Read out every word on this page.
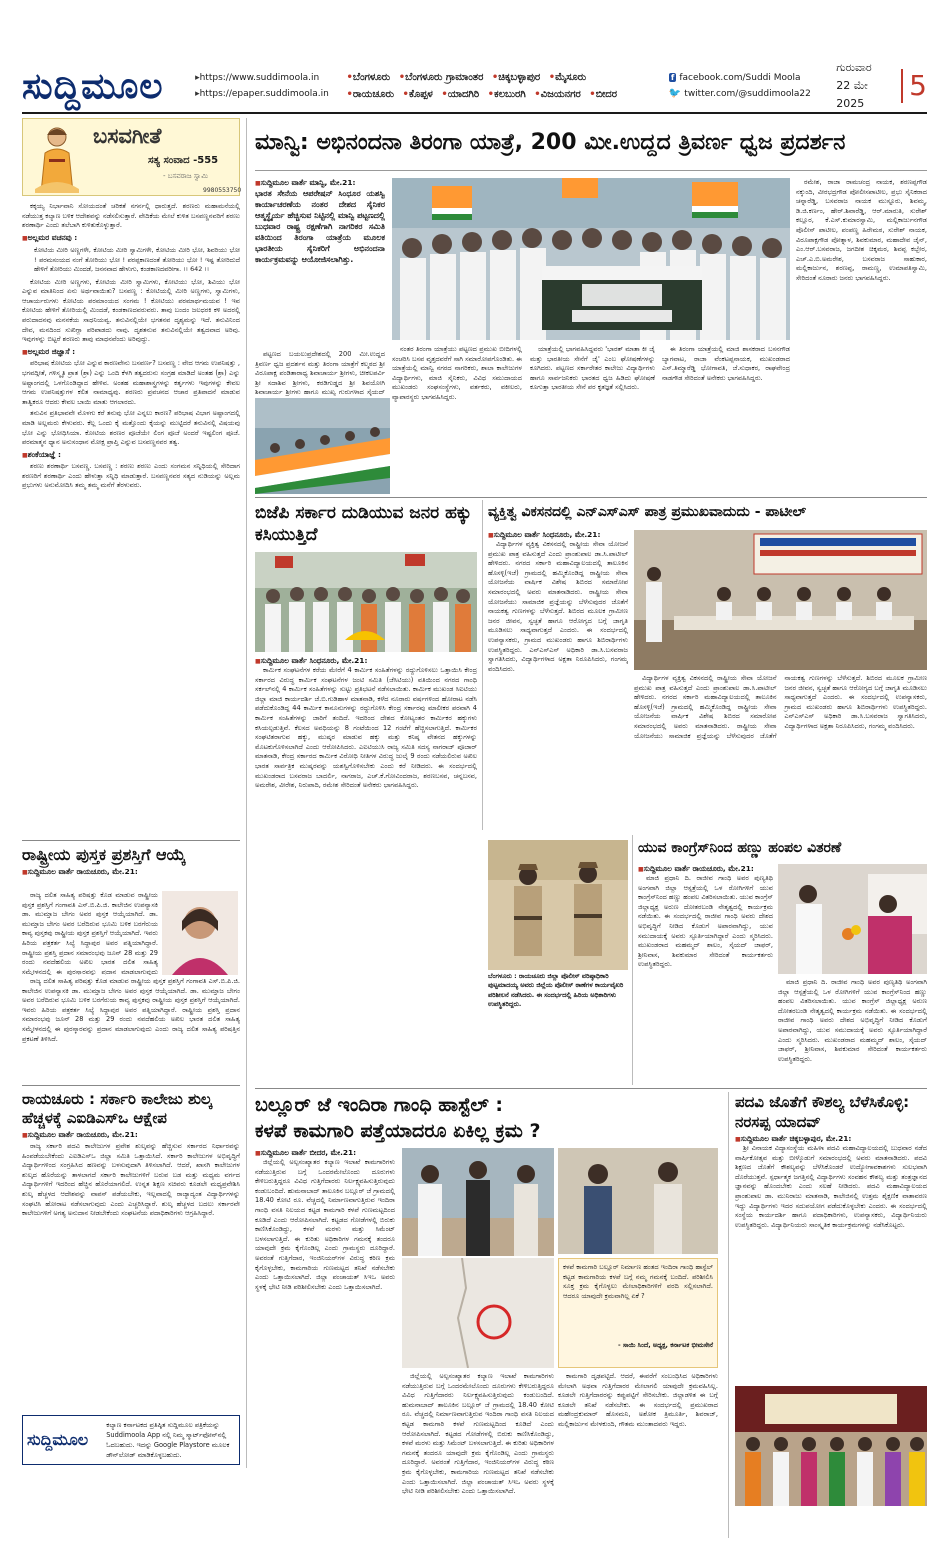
ಸುದ್ದಿಮೂಲ	▸ https://www.suddimoola.in
▸ https://epaper.suddimoola.in
• ಬೆಂಗಳೂರು • ಬೆಂಗಳೂರು ಗ್ರಾಮಾಂತರ • ಚಿಕ್ಕಬಳ್ಳಾಪುರ • ಮೈಸೂರು
• ರಾಯಚೂರು • ಕೊಪ್ಪಳ • ಯಾದಗಿರಿ • ಕಲಬುರಗಿ • ವಿಜಯನಗರ • ಬೀದರ
f facebook.com/Suddi Moola
🐦 twitter.com/@suddimoola22
ಗುರುವಾರ
22 ಮೇ 2025
5
ಬಸವಗೀತೆ
ಸತ್ಯ ಸಂವಾದ -555
- ಬಸವರಾಜ ಸ್ವಾಮಿ
9980553750

ಕಕ್ಕಯ್ಯ ನಿರ್ಭಾವಾನಿ ಸೋಯದಂತೆ ಚರಿಕತೆ ನಗರ್ನಲ್ಲಿ ಧಾರುತ್ತದೆ. ಶರಣರು ಮಹಾಮನೆಯಲ್ಲಿ ನಡೆಯುತ್ತ ಕಲ್ಯಾಣ ಬಳಿಕ ಆದೇಶವನ್ನು ನಡೆಸಲಿಸುತ್ತಾರೆ. ವೇದಿಕೆಯ ಮೇಲೆ ಕುಳಿತ ಬಸವಣ್ಣನವರಿಗೆ ಶರಣು ಶರಣಾರ್ಥಿ ಎಂದು ತಲೆಬಾಗಿ ಕುಳಿತುಕೊಳ್ಳುತ್ತಾರೆ.

■ ಅಲ್ಲಮರ ವಚನವು :
ಕೋಟಿಯ ಮೀರಿ ಅಣ್ಣಗಳೇ, ಕೋಟಿಯ ಮೀರಿ ಸ್ವಾಮಿಗಳೇ, ಕೋಟಿಯ ಮೀರಿ ಭೋ, ಶಿವರಿಯು ಭೋ ! ಪರಮಸಂಯದ ನಂಗೆ ತೋರಿಯು ಭೋ ! ಪರಪ್ಪಕಾಣದಂತೆ ತೋರಿಯು ಭೋ ! ಇಷ್ಟ ತೋರಿದುದೆ ಹೇಳಿಗೆ ತೋರಿಯು ಮಿಂದಡೆ, ಜನನವಾದ ಹೇಳುಗು, ಕಂಡಕಾಣದವರೀಗಾ. ।। 642 ।।

ಕೋಟಿಯ ಮೀರಿ ಅಣ್ಣಗಳು, ಕೋಟಿಯ ಮೀರಿ ಸ್ವಾಮಿಗಳು, ಕೋಟಿಯು ಭೋ, ಶಿವಿಯು ಭೋ ಎನ್ನುವ ಮಾತಿನಿಂದ ಏನು ಅರ್ಥವಾಯಿತು? ಬಸವಣ್ಣ : ಕೋಟಿಯಲ್ಲಿ ಮೀರಿ ಅಣ್ಣಗಳು, ಸ್ವಾಮಿಗಳು, ಆಚಾರ್ಯರುಗಳು ಕೋಟಿಯ ಪರಮಾಂಯದ ಸಂಗಮ ! ಕೋಟಿಯು ಪರಮಾರ್ಥಮಯವ ! ಇವ ಕೋಟಿಯ ಹೇಳಿಗೆ ತೋರಿಯಲ್ಲಿ ಮಿಂದಡೆ, ಕಂಡಕಾಣದವರುವರು. ತಾವು ಬಂದಂ ಜಲಧರಕಿ ಕಳಿ ಅದರಲ್ಲಿ ಪರುದಾದನವು ಮನನಕೆಯ ಸಾಧನಿಯವ್ವ. ತನುವಿನಲ್ಲಿಯೇ ಭಗತನವ ದೃಶ್ಯಮನ್ನು ಇದೆ. ತನುವಿನಿಂದ ದೇವ, ಮನದಿಂದ ಸುಖಿಗ್ಲಾ ಪರಿಪಾಡದು ನಾವು. ದೃಶತನುವ ತನುವಿನಲ್ಲಿಯೇ ತತ್ವದವಾದ ಅರಿವು. ಇವುಗಳನ್ನು ಬಿಟ್ಟರೆ ಶರಣರು ತಾವು ಮಾಧನವೆಂದು ಅರಿವುದ್ದು.

■ ಅಲ್ಲಮರ ಜಿಜ್ಞಾಸೆ :

ಪರಿಭಾಷ ಕೋಟಿಯ ಭೋ ಎನ್ನುವ ಕಾರಣವೇನು ಬಸವರ್ಣ? ಬಸವಣ್ಣ : ವೇದ ಆಗಮ ಉಪನಿಷತ್ತು , ಭಗವದ್ಗೀತೆ, ಗಳಿಸ್ಮೃತಿ ಪ್ರಾತ (ಶ್ರಾ) ಎನ್ನು ಒಂದಿ ಕೆಳಗಿ ತತ್ವದರುನು ಸಂಗ್ರಹ ಮಾಡಿದೆ ಅಂತಹ (ಶ್ರಾ) ಎನ್ನು ಅಷ್ಟಾಂಗದಲ್ಲಿ ಒಳಗೊಂಡಿದ್ದಾದ ಹೇಳಿವ. ಅಂತಹ ಮಹಾಶಾಸ್ತ್ರಗಳನ್ನು ಕರ್ತೃಗಳು ಇವುಗಳನ್ನು ಕೇವಲ ಆಗಮ ಉಪನಿಷತ್ತುಗಳ ಕಲಿತ ನಾಮಾಧ್ಯವು. ಶರಣರು ಪ್ರವಚನದ ಆಚಾರ ಪ್ರತಿಪಾದನೆ ಮಾಡುವ ತಾತ್ವಿಕರೂ ಆದರು ಕೇವಲ ಬಾಯಿ ಮಾತು ಆಗಲಾರದು.

ತನುವಿನ ಪ್ರತಿಭಾವವೇ ಮೊಳಗು ಕರೆ ತನುವು ಭೋ ಎನ್ನಲು ಕಾರಣ? ಪರಿಭಾಷ ವಿಭಾಗ ಅಷ್ಟಾಂಗದಲ್ಲಿ ಮಾಡಿ ಅಲ್ಲಮರು ಕೇಳುವರು. ಕೆಲ್ಲ ಒಂದು ಕೈ ಮತ್ತೊಂದು ಕೈಯನ್ನು ಮುಟ್ಟಿದರೆ ತನುವಿನಲ್ಲಿ ವಿಷಯವು ಭೋ ಎನ್ನು ಭೋಧಿಸಿಯಾ. ಕೋಟಿಯ ಶರಣರ ಪೂಜೆಯೇ ಲಿಂಗ ಪೂಜೆ ಅಂದರೆ ಇಷ್ಟಲಿಂಗ ಪೂಜೆ. ಪರಮಾತ್ಮನ ಧ್ಯಾನ ಅನುಸಂಧಾನ ಮೋಕ್ಷ ಪ್ರಾಪ್ತಿ ಎನ್ನುವ ಬಸವಣ್ಣನವರ ತತ್ವ.

■ ಶಂಕೆಯಾಜ್ಞೆ :

ಶರಣು ಶರಣಾರ್ಥಿ ಬಸವಣ್ಣ. ಬಸವಣ್ಣ : ಶರಣು ಶರಣು ಎಂದು ಸಂಗಮನ ಸನ್ನಿಧಿಯಲ್ಲಿ ಸೇರಿದಾಗ ಶರಣರಿಗೆ ಶರಣಾರ್ಥಿ ಎಂದು ಹೇಳುತ್ತಾ ಸನ್ನಿಧಿ ಮಾಡುತ್ತಾರೆ. ಬಸವಣ್ಣನವರ ಸತ್ಯದ ನುಡಿಯನ್ನು ಅಲ್ಲಮ ಪ್ರಭುಗಳು ಅನುಮೋದಿಸಿ ತಮ್ಮ ತಮ್ಮ ಮನೆಗೆ ತೆರಳುವರು.

ರಾಷ್ಟ್ರೀಯ ಪುಸ್ತಕ ಪ್ರಶಸ್ತಿಗೆ ಆಯ್ಕೆ
■ ಸುದ್ದಿಮೂಲ ವಾರ್ತೆ ರಾಯಚೂರು, ಮೇ.21:

ರಾಜ್ಯ ದಲಿತ ಸಾಹಿತ್ಯ ಪರಿಷತ್ತು ಕೊಡ ಮಾಡುವ ರಾಷ್ಟ್ರೀಯ ಪುಸ್ತಕ ಪ್ರಶಸ್ತಿಗೆ ಗಂಗಾವತಿ ಎಸ್.ಬಿ.ಪಿ.ಜಿ. ಕಾಲೇಜಿನ ಉಪನ್ಯಾಸಕಿ ಡಾ. ಮುಮ್ತಾಜ ಬೇಗಂ ಅವರ ಪುಸ್ತಕ ಆಯ್ಕೆಯಾಗಿದೆ. ಡಾ. ಮುಮ್ತಾಜ ಬೇಗಂ ಅವರ ಬರೆದಿರುವ ಭೂಮಿ ಬಳಿಕ ಬರಗೆರುಯ ಕಾವ್ಯ ಪುಸ್ತಕವು ರಾಷ್ಟ್ರೀಯ ಪುಸ್ತಕ ಪ್ರಶಸ್ತಿಗೆ ಆಯ್ಕೆಯಾಗಿದೆ. ಇವರು ಹಿರಿಯ ಪತ್ರಕರ್ತ ಸಿಲ್ಯೆ ಸಿದ್ದಾಪುರ ಅವರ ಪತ್ನಿಯಾಗಿದ್ದಾರೆ. ರಾಷ್ಟ್ರೀಯ ಪ್ರಶಸ್ತಿ ಪ್ರದಾನ ಸಮಾರಂಭವು ಜೂನ್ 28 ಮತ್ತು 29 ರಂದು ನವದೆಹಲಿಯ ಅಖಿಲ ಭಾರತ ದಲಿತ ಸಾಹಿತ್ಯ ಸಮ್ಮೇಳನದಲ್ಲಿ ಈ ಪುರಸ್ಕಾರವನ್ನು ಪ್ರದಾನ ಮಾಡಲಾಗುವುದು

ರಾಜ್ಯ ದಲಿತ ಸಾಹಿತ್ಯ ಪರಿಷತ್ತು ಕೊಡ ಮಾಡುವ ರಾಷ್ಟ್ರೀಯ ಪುಸ್ತಕ ಪ್ರಶಸ್ತಿಗೆ ಗಂಗಾವತಿ ಎಸ್.ಬಿ.ಪಿ.ಜಿ. ಕಾಲೇಜಿನ ಉಪನ್ಯಾಸಕಿ ಡಾ. ಮುಮ್ತಾಜ ಬೇಗಂ ಅವರ ಪುಸ್ತಕ ಆಯ್ಕೆಯಾಗಿದೆ. ಡಾ. ಮುಮ್ತಾಜ ಬೇಗಂ ಅವರ ಬರೆದಿರುವ ಭೂಮಿ ಬಳಿಕ ಬರಗೆರುಯ ಕಾವ್ಯ ಪುಸ್ತಕವು ರಾಷ್ಟ್ರೀಯ ಪುಸ್ತಕ ಪ್ರಶಸ್ತಿಗೆ ಆಯ್ಕೆಯಾಗಿದೆ. ಇವರು ಹಿರಿಯ ಪತ್ರಕರ್ತ ಸಿಲ್ಯೆ ಸಿದ್ದಾಪುರ ಅವರ ಪತ್ನಿಯಾಗಿದ್ದಾರೆ. ರಾಷ್ಟ್ರೀಯ ಪ್ರಶಸ್ತಿ ಪ್ರದಾನ ಸಮಾರಂಭವು ಜೂನ್ 28 ಮತ್ತು 29 ರಂದು ನವದೆಹಲಿಯ ಅಖಿಲ ಭಾರತ ದಲಿತ ಸಾಹಿತ್ಯ ಸಮ್ಮೇಳನದಲ್ಲಿ ಈ ಪುರಸ್ಕಾರವನ್ನು ಪ್ರದಾನ ಮಾಡಲಾಗುವುದು ಎಂದು ರಾಜ್ಯ ದಲಿತ ಸಾಹಿತ್ಯ ಪರಿಷತ್ತಿನ ಪ್ರಕಟಣೆ ತಿಳಿಸಿದೆ.

ರಾಯಚೂರು : ಸರ್ಕಾರಿ ಕಾಲೇಜು ಶುಲ್ಕ ಹೆಚ್ಚಳಕ್ಕೆ ಎಐಡಿಎಸ್ಒ ಆಕ್ಷೇಪ
■ ಸುದ್ದಿಮೂಲ ವಾರ್ತೆ ರಾಯಚೂರು, ಮೇ.21:

ರಾಜ್ಯ ಸರ್ಕಾರಿ ಪದವಿ ಕಾಲೇಜುಗಳ ಪ್ರವೇಶ ಶುಲ್ಕವನ್ನು ಹೆಚ್ಚಿಸುವ ಸರ್ಕಾರದ ನಿರ್ಧಾರವನ್ನು ಹಿಂಪಡೆಯಬೇಕೆಂದು ಎಐಡಿಎಸ್ಒ ಜಿಲ್ಲಾ ಸಮಿತಿ ಒತ್ತಾಯಿಸಿದೆ. ಸರ್ಕಾರಿ ಕಾಲೇಜುಗಳ ಅಭಿವೃದ್ಧಿಗೆ ವಿದ್ಯಾರ್ಥಿಗಳಿಂದ ಸಂಗ್ರಹಿಸಿದ ಹಣವನ್ನು ಬಳಸುವುದಾಗಿ ತಿಳಿಸಲಾಗಿದೆ. ಆದರೆ, ಖಾಸಗಿ ಕಾಲೇಜುಗಳ ಶುಲ್ಕದ ಹೊರೆಯನ್ನು ತಾಳಲಾಗದೆ ಸರ್ಕಾರಿ ಕಾಲೇಜುಗಳಿಗೆ ಬರುವ ಬಡ ಮತ್ತು ಮಧ್ಯಮ ವರ್ಗದ ವಿದ್ಯಾರ್ಥಿಗಳಿಗೆ ಇದರಿಂದ ಹೆಚ್ಚಿನ ಹೊರೆಯಾಗಲಿದೆ. ಉನ್ನತ ಶಿಕ್ಷಣ ಸಚಿವರು ಕೂಡಲೇ ಮಧ್ಯಪ್ರವೇಶಿಸಿ ಶುಲ್ಕ ಹೆಚ್ಚಳದ ಆದೇಶವನ್ನು ವಾಪಸ್ ಪಡೆಯಬೇಕು, ಇಲ್ಲವಾದಲ್ಲಿ ರಾಜ್ಯಾದ್ಯಂತ ವಿದ್ಯಾರ್ಥಿಗಳನ್ನು ಸಂಘಟಿಸಿ ಹೋರಾಟ ನಡೆಸಲಾಗುವುದು ಎಂದು ಎಚ್ಚರಿಸಿದ್ದಾರೆ. ಶುಲ್ಕ ಹೆಚ್ಚಳದ ಬದಲು ಸರ್ಕಾರವೇ ಕಾಲೇಜುಗಳಿಗೆ ಅಗತ್ಯ ಅನುದಾನ ನೀಡಬೇಕೆಂದು ಸಂಘಟನೆಯ ಪದಾಧಿಕಾರಿಗಳು ಆಗ್ರಹಿಸಿದ್ದಾರೆ.

ಸುದ್ದಿಮೂಲ
ಕಲ್ಯಾಣ ಕರ್ನಾಟಕದ ಪ್ರತಿಷ್ಠಿತ ಸುದ್ದಿಮೂಲ ಪತ್ರಿಕೆಯನ್ನು Suddimoola App ನಲ್ಲಿ ನಿಮ್ಮ ಸ್ಮಾರ್ಟ್‌ಫೋನ್‌ನಲ್ಲಿ ಓದಬಹುದು. ಇದನ್ನು Google Playstore ಮೂಲಕ ಡೌನ್‌ಲೋಡ್ ಮಾಡಿಕೊಳ್ಳಬಹುದು.
ಮಾನ್ವಿ: ಅಭಿನಂದನಾ ತಿರಂಗಾ ಯಾತ್ರೆ, 200 ಮೀ.ಉದ್ದದ ತ್ರಿವರ್ಣ ಧ್ವಜ ಪ್ರದರ್ಶನ
■ ಸುದ್ದಿಮೂಲ ವಾರ್ತೆ ಮಾನ್ವಿ, ಮೇ.21:
ಭಾರತ ಸೇನೆಯ ಆಪರೇಷನ್ ಸಿಂಧೂರ ಯಶಸ್ವಿ ಕಾರ್ಯಾಚರಣೆಯ ನಂತರ ದೇಶದ ಸೈನಿಕರ ಆತ್ಮಸ್ಥೈರ್ಯ ಹೆಚ್ಚಿಸುವ ನಿಟ್ಟಿನಲ್ಲಿ ಮಾನ್ವಿ ಪಟ್ಟಣದಲ್ಲಿ ಬುಧವಾರ ರಾಷ್ಟ್ರ ರಕ್ಷಣೆಗಾಗಿ ನಾಗರಿಕರ ಸಮಿತಿ ವತಿಯಿಂದ ತಿರಂಗಾ ಯಾತ್ರೆಯ ಮೂಲಕ ಭಾರತೀಯ ಸೈನಿಕರಿಗೆ ಅಭಿನಂದನಾ ಕಾರ್ಯಕ್ರಮವನ್ನು ಆಯೋಜಿಸಲಾಗಿತ್ತು.

ಪಟ್ಟಣದ ಬಯಲುಪ್ರದೇಶದಲ್ಲಿ 200 ಮೀ.ಉದ್ದದ ತ್ರಿವರ್ಣ ಧ್ವಜ ಪ್ರದರ್ಶನ ಮತ್ತು ತಿರಂಗಾ ಯಾತ್ರೆಗೆ ಕಲ್ಮಠದ ಶ್ರೀ ವಿರೂಪಾಕ್ಷ ಪಂಡಿತಾರಾಧ್ಯ ಶಿವಾಚಾರ್ಯ ಶ್ರೀಗಳು, ಚೀಕಲಪರ್ವಿ ಶ್ರೀ ಸದಾಶಿವ ಶ್ರೀಗಳು, ಕರಡಿಗುಡ್ಡದ ಶ್ರೀ ಶಿವಯೋಗಿ ಶಿವಾಚಾರ್ಯ ಶ್ರೀಗಳು ಹಾಗೂ ಮುಖ್ಯ ಗುರುಗಳಾದ ಸೈಯದ್

ನಂತರ ತಿರಂಗಾ ಯಾತ್ರೆಯು ಪಟ್ಟಣದ ಪ್ರಮುಖ ಬೀದಿಗಳಲ್ಲಿ ಸಂಚರಿಸಿ ಬಸವ ವೃತ್ತದವರೆಗೆ ಸಾಗಿ ಸಮಾರೋಪಗೊಂಡಿತು. ಈ ಯಾತ್ರೆಯಲ್ಲಿ ಮಾನ್ವಿ ನಗರದ ನಾಗರಿಕರು, ಶಾಲಾ ಕಾಲೇಜುಗಳ ವಿದ್ಯಾರ್ಥಿಗಳು, ಮಾಜಿ ಸೈನಿಕರು, ವಿವಿಧ ಸಮುದಾಯದ ಮುಖಂಡರು ಸಂಘಸಂಸ್ಥೆಗಳು, ವರ್ತಕರು, ವಕೀಲರು, ವ್ಯಾಪಾರಸ್ಥರು ಭಾಗವಹಿಸಿದ್ದರು.

ಯಾತ್ರೆಯಲ್ಲಿ ಭಾಗವಹಿಸಿದ್ದವರು 'ಭಾರತ್ ಮಾತಾ ಕೀ ಜೈ ಮತ್ತು ಭಾರತೀಯ ಸೇನೆಗೆ ಜೈ' ಎಂಬ ಘೋಷಣೆಗಳನ್ನು ಕೂಗಿದರು. ಪಟ್ಟಣದ ಸರ್ಕಾರೇತರ ಕಾಲೇಜು ವಿದ್ಯಾರ್ಥಿಗಳು ಹಾಗೂ ಸಾರ್ವಜನಿಕರು ಭಾರತದ ಧ್ವಜ ಹಿಡಿದು ಘೋಷಣೆ ಕೂಗುತ್ತಾ ಭಾರತೀಯ ಸೇನೆ ಪರ ಕೃತಜ್ಞತೆ ಸಲ್ಲಿಸಿದರು.

ಈ ತಿರಂಗಾ ಯಾತ್ರೆಯಲ್ಲಿ ಮಾಜಿ ಶಾಸಕರಾದ ಬಸನಗೌಡ ಬ್ಯಾಗವಾಟ, ರಾಜಾ ವೆಂಕಟಪ್ಪನಾಯಕ, ಮುಖಂಡರಾದ ಎಸ್.ತಿಮ್ಮಾರೆಡ್ಡಿ ಭೋಗಾವತಿ, ಜೆ.ಸುಧಾಕರ, ರಾಘವೇಂದ್ರ ನಾಡಗೌಡ ಸೇರಿದಂತೆ ಅನೇಕರು ಭಾಗವಹಿಸಿದ್ದರು.

ರಮೇಶ, ರಾಜಾ ರಾಮಚಂದ್ರ ನಾಯಕ, ಶರಣಪ್ಪಗೌಡ ನಕ್ಕುಂದಿ, ವೀರಭದ್ರಗೌಡ ಪೋಲೀಸಪಾಟೀಲ, ಪ್ರಭು ಸೈನಿಕರಾದ ಚನ್ನಾರೆಡ್ಡಿ, ಬಸವರಾಜ ನಾಯಕ ಮುಸ್ಟೂರು, ಶಿವಮ್ಮ, ಡಿ.ಜಿ.ಕರ್ಣಂ, ಹೇರ್.ಶಿವಾರೆಡ್ಡಿ, ಆರ್.ಮಾರುತಿ, ಸುರೇಶ್ ಕಲ್ಲೂರ, ಕೆ.ಎಸ್.ಕುಮಾರಸ್ವಾಮಿ, ಮಲ್ಲಿಕಾರ್ಜುನಗೌಡ ಪೊಲೀಸ್ ಪಾಟೀಲ, ಪಂಪಣ್ಣ ಹಿರೇಮಠ, ಸುರೇಶ್ ನಾಯಕ, ವಿರೂಪಾಕ್ಷಗೌಡ ಪೋತ್ನಾಳ, ಶಿವಕುಮಾರ, ಮಹಾದೇವ ಜೈನ್, ಎಂ.ಆರ್.ಬಸವರಾಜ, ಜಗದೀಶ ಚಿಕ್ಕಮಠ, ಶಿವಪ್ಪ ಕಬ್ಬೇರ, ಎಚ್.ಎ.ಬಿ.ಅಮರೇಶ, ಬಸವರಾಜ ಸಾಹುಕಾರ, ಮಲ್ಲಿಕಾರ್ಜುನ, ಶರಣಪ್ಪ, ರಾಮಣ್ಣ, ಉಮಾಪತಿಸ್ವಾಮಿ, ಸೇರಿದಂತೆ ನೂರಾರು ಜನರು ಭಾಗವಹಿಸಿದ್ದರು.

ಬಿಜೆಪಿ ಸರ್ಕಾರ ದುಡಿಯುವ ಜನರ ಹಕ್ಕು ಕಸಿಯುತ್ತಿದೆ
■ ಸುದ್ದಿಮೂಲ ವಾರ್ತೆ ಸಿಂಧನೂರು, ಮೇ.21:

ಕಾರ್ಮಿಕ ಸಂಘಟನೆಗಳ ಕರೆಯ ಮೇರೆಗೆ 4 ಕಾರ್ಮಿಕ ಸಂಹಿತೆಗಳನ್ನು ರದ್ದುಗೊಳಿಸಲು ಒತ್ತಾಯಿಸಿ ಕೇಂದ್ರ ಸರ್ಕಾರದ ವಿರುದ್ಧ ಕಾರ್ಮಿಕ ಸಂಘಟನೆಗಳ ಜಂಟಿ ಸಮಿತಿ (ಜೆಸಿಟಿಯು) ವತಿಯಿಂದ ನಗರದ ಗಾಂಧಿ ಸರ್ಕಲ್‌ನಲ್ಲಿ 4 ಕಾರ್ಮಿಕ ಸಂಹಿತೆಗಳನ್ನು ಸುಟ್ಟು ಪ್ರತಿಭಟನೆ ನಡೆಸಲಾಯಿತು. ಕಾರ್ಮಿಕ ಮುಖಂಡ ಸಿಐಟಿಯು ಜಿಲ್ಲಾ ಮಾಜಿ ಕಾರ್ಯದರ್ಶಿ ಜೆ.ಬಿ.ಗುಡಿಹಾಳ ಮಾತನಾಡಿ, ಕಳೆದ ನೂರಾರು ವರ್ಷಗಳಿಂದ ಹೋರಾಟ ನಡೆಸಿ ಪಡೆದುಕೊಂಡಿದ್ದ 44 ಕಾರ್ಮಿಕ ಕಾನೂನುಗಳನ್ನು ರದ್ದುಗೊಳಿಸಿ ಕೇಂದ್ರ ಸರ್ಕಾರವು ಮಾಲೀಕರ ಪರವಾಗಿ 4 ಕಾರ್ಮಿಕ ಸಂಹಿತೆಗಳನ್ನು ಜಾರಿಗೆ ತಂದಿದೆ. ಇದರಿಂದ ದೇಶದ ಕೋಟ್ಯಂತರ ಕಾರ್ಮಿಕರ ಹಕ್ಕುಗಳು ಕಸಿಯಲ್ಪಡುತ್ತಿವೆ. ಕೆಲಸದ ಅವಧಿಯನ್ನು 8 ಗಂಟೆಯಿಂದ 12 ಗಂಟೆಗೆ ಹೆಚ್ಚಿಸಲಾಗುತ್ತಿದೆ. ಕಾರ್ಮಿಕರ ಸಂಘಟಿತರಾಗುವ ಹಕ್ಕು, ಮುಷ್ಕರ ಮಾಡುವ ಹಕ್ಕು ಮತ್ತು ಕನಿಷ್ಠ ವೇತನದ ಹಕ್ಕುಗಳನ್ನು ಮೊಟಕುಗೊಳಿಸಲಾಗಿದೆ ಎಂದು ಆರೋಪಿಸಿದರು. ಎಐಟಿಯುಸಿ ರಾಜ್ಯ ಸಮಿತಿ ಸದಸ್ಯ ನಾಗರಾಜ್ ಪೂಜಾರ್ ಮಾತನಾಡಿ, ಕೇಂದ್ರ ಸರ್ಕಾರದ ಕಾರ್ಮಿಕ ವಿರೋಧಿ ನೀತಿಗಳ ವಿರುದ್ಧ ಜುಲೈ 9 ರಂದು ನಡೆಯಲಿರುವ ಅಖಿಲ ಭಾರತ ಸಾರ್ವತ್ರಿಕ ಮುಷ್ಕರವನ್ನು ಯಶಸ್ವಿಗೊಳಿಸಬೇಕು ಎಂದು ಕರೆ ನೀಡಿದರು. ಈ ಸಂದರ್ಭದಲ್ಲಿ ಮುಖಂಡರಾದ ಬಸವರಾಜ ಬಾದರ್ಲಿ, ನಾಗರಾಜ, ಎಚ್.ಕೆ.ಗೋವಿಂದರಾಜ, ಶರಣಬಸವ, ಚನ್ನಬಸವ, ಅಮರೇಶ, ವೀರೇಶ, ನಿರುಪಾದಿ, ರಮೇಶ ಸೇರಿದಂತೆ ಅನೇಕರು ಭಾಗವಹಿಸಿದ್ದರು.

ವ್ಯಕ್ತಿತ್ವ ವಿಕಸನದಲ್ಲಿ ಎನ್‌ಎಸ್‌ಎಸ್ ಪಾತ್ರ ಪ್ರಮುಖವಾದುದು - ಪಾಟೀಲ್
■ ಸುದ್ದಿಮೂಲ ವಾರ್ತೆ ಸಿಂಧನೂರು, ಮೇ.21:

ವಿದ್ಯಾರ್ಥಿಗಳ ವ್ಯಕ್ತಿತ್ವ ವಿಕಸನದಲ್ಲಿ ರಾಷ್ಟ್ರೀಯ ಸೇವಾ ಯೋಜನೆ ಪ್ರಮುಖ ಪಾತ್ರ ವಹಿಸುತ್ತದೆ ಎಂದು ಪ್ರಾಂಶುಪಾಲ ಡಾ.ಸಿ.ಪಾಟೀಲ್ ಹೇಳಿದರು. ನಗರದ ಸರ್ಕಾರಿ ಮಹಾವಿದ್ಯಾಲಯದಲ್ಲಿ ತಾಲೂಕಿನ ಹೊಸಳ್ಳಿ(ಇಜೆ) ಗ್ರಾಮದಲ್ಲಿ ಹಮ್ಮಿಕೊಂಡಿದ್ದ ರಾಷ್ಟ್ರೀಯ ಸೇವಾ ಯೋಜನೆಯ ವಾರ್ಷಿಕ ವಿಶೇಷ ಶಿಬಿರದ ಸಮಾರೋಪ ಸಮಾರಂಭದಲ್ಲಿ ಅವರು ಮಾತನಾಡಿದರು. ರಾಷ್ಟ್ರೀಯ ಸೇವಾ ಯೋಜನೆಯು ಸಾಮಾಜಿಕ ಪ್ರಜ್ಞೆಯನ್ನು ಬೆಳೆಸುವುದರ ಜೊತೆಗೆ ನಾಯಕತ್ವ ಗುಣಗಳನ್ನು ಬೆಳೆಸುತ್ತದೆ. ಶಿಬಿರದ ಮೂಲಕ ಗ್ರಾಮೀಣ ಜನರ ಜೀವನ, ಸ್ವಚ್ಛತೆ ಹಾಗೂ ಆರೋಗ್ಯದ ಬಗ್ಗೆ ಜಾಗೃತಿ ಮೂಡಿಸಲು ಸಾಧ್ಯವಾಗುತ್ತದೆ ಎಂದರು. ಈ ಸಂದರ್ಭದಲ್ಲಿ ಉಪನ್ಯಾಸಕರು, ಗ್ರಾಮದ ಮುಖಂಡರು ಹಾಗೂ ಶಿಬಿರಾರ್ಥಿಗಳು ಉಪಸ್ಥಿತರಿದ್ದರು. ಎನ್‌ಎಸ್‌ಎಸ್ ಅಧಿಕಾರಿ ಡಾ.ಸಿ.ಬಸವರಾಜ ಸ್ವಾಗತಿಸಿದರು, ವಿದ್ಯಾರ್ಥಿಗಳಾದ ಅಕ್ಷತಾ ನಿರೂಪಿಸಿದರು, ಗಂಗಮ್ಮ ವಂದಿಸಿದರು.

ವಿದ್ಯಾರ್ಥಿಗಳ ವ್ಯಕ್ತಿತ್ವ ವಿಕಸನದಲ್ಲಿ ರಾಷ್ಟ್ರೀಯ ಸೇವಾ ಯೋಜನೆ ಪ್ರಮುಖ ಪಾತ್ರ ವಹಿಸುತ್ತದೆ ಎಂದು ಪ್ರಾಂಶುಪಾಲ ಡಾ.ಸಿ.ಪಾಟೀಲ್ ಹೇಳಿದರು. ನಗರದ ಸರ್ಕಾರಿ ಮಹಾವಿದ್ಯಾಲಯದಲ್ಲಿ ತಾಲೂಕಿನ ಹೊಸಳ್ಳಿ(ಇಜೆ) ಗ್ರಾಮದಲ್ಲಿ ಹಮ್ಮಿಕೊಂಡಿದ್ದ ರಾಷ್ಟ್ರೀಯ ಸೇವಾ ಯೋಜನೆಯ ವಾರ್ಷಿಕ ವಿಶೇಷ ಶಿಬಿರದ ಸಮಾರೋಪ ಸಮಾರಂಭದಲ್ಲಿ ಅವರು ಮಾತನಾಡಿದರು. ರಾಷ್ಟ್ರೀಯ ಸೇವಾ ಯೋಜನೆಯು ಸಾಮಾಜಿಕ ಪ್ರಜ್ಞೆಯನ್ನು ಬೆಳೆಸುವುದರ ಜೊತೆಗೆ ನಾಯಕತ್ವ ಗುಣಗಳನ್ನು ಬೆಳೆಸುತ್ತದೆ. ಶಿಬಿರದ ಮೂಲಕ ಗ್ರಾಮೀಣ ಜನರ ಜೀವನ, ಸ್ವಚ್ಛತೆ ಹಾಗೂ ಆರೋಗ್ಯದ ಬಗ್ಗೆ ಜಾಗೃತಿ ಮೂಡಿಸಲು ಸಾಧ್ಯವಾಗುತ್ತದೆ ಎಂದರು. ಈ ಸಂದರ್ಭದಲ್ಲಿ ಉಪನ್ಯಾಸಕರು, ಗ್ರಾಮದ ಮುಖಂಡರು ಹಾಗೂ ಶಿಬಿರಾರ್ಥಿಗಳು ಉಪಸ್ಥಿತರಿದ್ದರು. ಎನ್‌ಎಸ್‌ಎಸ್ ಅಧಿಕಾರಿ ಡಾ.ಸಿ.ಬಸವರಾಜ ಸ್ವಾಗತಿಸಿದರು, ವಿದ್ಯಾರ್ಥಿಗಳಾದ ಅಕ್ಷತಾ ನಿರೂಪಿಸಿದರು, ಗಂಗಮ್ಮ ವಂದಿಸಿದರು.

ಬೆಂಗಳೂರು : ರಾಯಚೂರು ಜಿಲ್ಲಾ ಪೊಲೀಸ್ ವರಿಷ್ಠಾಧಿಕಾರಿ ಪುಟ್ಟಮಾದಯ್ಯ ಅವರು ಜಿಲ್ಲೆಯ ಪೊಲೀಸ್ ಠಾಣೆಗಳ ಕಾರ್ಯವೈಖರಿ ಪರಿಶೀಲನೆ ನಡೆಸಿದರು. ಈ ಸಂದರ್ಭದಲ್ಲಿ ಹಿರಿಯ ಅಧಿಕಾರಿಗಳು ಉಪಸ್ಥಿತರಿದ್ದರು.
ಯುವ ಕಾಂಗ್ರೆಸ್‌ನಿಂದ ಹಣ್ಣು ಹಂಪಲ ವಿತರಣೆ
■ ಸುದ್ದಿಮೂಲ ವಾರ್ತೆ ರಾಯಚೂರು, ಮೇ.21:

ಮಾಜಿ ಪ್ರಧಾನಿ ದಿ. ರಾಜೀವ ಗಾಂಧಿ ಅವರ ಪುಣ್ಯತಿಥಿ ಅಂಗವಾಗಿ ಜಿಲ್ಲಾ ಆಸ್ಪತ್ರೆಯಲ್ಲಿ ಒಳ ರೋಗಿಗಳಿಗೆ ಯುವ ಕಾಂಗ್ರೆಸ್‌ನಿಂದ ಹಣ್ಣು ಹಂಪಲ ವಿತರಿಸಲಾಯಿತು. ಯುವ ಕಾಂಗ್ರೆಸ್ ಜಿಲ್ಲಾಧ್ಯಕ್ಷ ಅರುಣ ದೋತರಬಂಡಿ ನೇತೃತ್ವದಲ್ಲಿ ಕಾರ್ಯಕ್ರಮ ನಡೆಯಿತು. ಈ ಸಂದರ್ಭದಲ್ಲಿ ರಾಜೀವ ಗಾಂಧಿ ಅವರು ದೇಶದ ಅಭಿವೃದ್ಧಿಗೆ ನೀಡಿದ ಕೊಡುಗೆ ಅಪಾರವಾಗಿದ್ದು, ಯುವ ಸಮುದಾಯಕ್ಕೆ ಅವರು ಸ್ಫೂರ್ತಿಯಾಗಿದ್ದಾರೆ ಎಂದು ಸ್ಮರಿಸಿದರು. ಮುಖಂಡರಾದ ಮಹಮ್ಮದ್ ಶಾಲಂ, ಸೈಯದ್ ಜಾಫರ್, ಶ್ರೀನಿವಾಸ, ಶಿವಕುಮಾರ ಸೇರಿದಂತೆ ಕಾರ್ಯಕರ್ತರು ಉಪಸ್ಥಿತರಿದ್ದರು.

ಮಾಜಿ ಪ್ರಧಾನಿ ದಿ. ರಾಜೀವ ಗಾಂಧಿ ಅವರ ಪುಣ್ಯತಿಥಿ ಅಂಗವಾಗಿ ಜಿಲ್ಲಾ ಆಸ್ಪತ್ರೆಯಲ್ಲಿ ಒಳ ರೋಗಿಗಳಿಗೆ ಯುವ ಕಾಂಗ್ರೆಸ್‌ನಿಂದ ಹಣ್ಣು ಹಂಪಲ ವಿತರಿಸಲಾಯಿತು. ಯುವ ಕಾಂಗ್ರೆಸ್ ಜಿಲ್ಲಾಧ್ಯಕ್ಷ ಅರುಣ ದೋತರಬಂಡಿ ನೇತೃತ್ವದಲ್ಲಿ ಕಾರ್ಯಕ್ರಮ ನಡೆಯಿತು. ಈ ಸಂದರ್ಭದಲ್ಲಿ ರಾಜೀವ ಗಾಂಧಿ ಅವರು ದೇಶದ ಅಭಿವೃದ್ಧಿಗೆ ನೀಡಿದ ಕೊಡುಗೆ ಅಪಾರವಾಗಿದ್ದು, ಯುವ ಸಮುದಾಯಕ್ಕೆ ಅವರು ಸ್ಫೂರ್ತಿಯಾಗಿದ್ದಾರೆ ಎಂದು ಸ್ಮರಿಸಿದರು. ಮುಖಂಡರಾದ ಮಹಮ್ಮದ್ ಶಾಲಂ, ಸೈಯದ್ ಜಾಫರ್, ಶ್ರೀನಿವಾಸ, ಶಿವಕುಮಾರ ಸೇರಿದಂತೆ ಕಾರ್ಯಕರ್ತರು ಉಪಸ್ಥಿತರಿದ್ದರು.

ಬಲ್ಲೂರ್ ಜೆ ಇಂದಿರಾ ಗಾಂಧಿ ಹಾಸ್ಟೆಲ್ :
ಕಳಪೆ ಕಾಮಗಾರಿ ಪತ್ತೆಯಾದರೂ ಏಕಿಲ್ಲ ಕ್ರಮ ?
■ ಸುದ್ದಿಮೂಲ ವಾರ್ತೆ ಬೀದರ, ಮೇ.21:

ಜಿಲ್ಲೆಯಲ್ಲಿ ಅಲ್ಪಸಂಖ್ಯಾತರ ಕಲ್ಯಾಣ ಇಲಾಖೆ ಕಾಮಗಾರಿಗಳು ನಡೆಯುತ್ತಿರುವ ಬಗ್ಗೆ ಒಂದರಮೇಲೊಂದು ದೂರುಗಳು ಕೇಳಿಬರುತ್ತಿದ್ದರೂ ವಿವಿಧ ಗುತ್ತಿಗೆದಾರರು ನಿರ್ಲಕ್ಷ್ಯವಹಿಸುತ್ತಿರುವುದು ಕಂಡುಬಂದಿದೆ. ಹುಮನಾಬಾದ್ ತಾಲೂಕಿನ ಬಲ್ಲೂರ್ ಜೆ ಗ್ರಾಮದಲ್ಲಿ 18.40 ಕೋಟಿ ರೂ. ವೆಚ್ಚದಲ್ಲಿ ನಿರ್ಮಾಣವಾಗುತ್ತಿರುವ ಇಂದಿರಾ ಗಾಂಧಿ ವಸತಿ ನಿಲಯದ ಕಟ್ಟಡ ಕಾಮಗಾರಿ ಕಳಪೆ ಗುಣಮಟ್ಟದಿಂದ ಕೂಡಿದೆ ಎಂದು ಆರೋಪಿಸಲಾಗಿದೆ. ಕಟ್ಟಡದ ಗೋಡೆಗಳಲ್ಲಿ ಬಿರುಕು ಕಾಣಿಸಿಕೊಂಡಿದ್ದು, ಕಳಪೆ ಮರಳು ಮತ್ತು ಸಿಮೆಂಟ್ ಬಳಸಲಾಗುತ್ತಿದೆ. ಈ ಕುರಿತು ಅಧಿಕಾರಿಗಳ ಗಮನಕ್ಕೆ ತಂದರೂ ಯಾವುದೇ ಕ್ರಮ ಕೈಗೊಂಡಿಲ್ಲ ಎಂದು ಗ್ರಾಮಸ್ಥರು ದೂರಿದ್ದಾರೆ. ಅವರಂತೆ ಗುತ್ತಿಗೆದಾರ, ಇಂಜಿನಿಯರ್‌ಗಳ ವಿರುದ್ಧ ಕಠಿಣ ಕ್ರಮ ಕೈಗೊಳ್ಳಬೇಕು, ಕಾಮಗಾರಿಯ ಗುಣಮಟ್ಟದ ತನಿಖೆ ನಡೆಸಬೇಕು ಎಂದು ಒತ್ತಾಯಿಸಲಾಗಿದೆ. ಜಿಲ್ಲಾ ಪಂಚಾಯತ್ ಸಿಇಒ ಅವರು ಸ್ಥಳಕ್ಕೆ ಭೇಟಿ ನೀಡಿ ಪರಿಶೀಲಿಸಬೇಕು ಎಂದು ಒತ್ತಾಯಿಸಲಾಗಿದೆ.

ಕಳಪೆ ಕಾಮಗಾರಿ ಬಲ್ಲೂರ್ ನಿರ್ಮಾಣ ಹಂತದ ಇಂದಿರಾ ಗಾಂಧಿ ಹಾಸ್ಟೆಲ್ ಕಟ್ಟಡ ಕಾಮಗಾರಿಯ ಕಳಪೆ ಬಗ್ಗೆ ನಮ್ಮ ಗಮನಕ್ಕೆ ಬಂದಿದೆ. ಪರಿಶೀಲಿಸಿ ಸೂಕ್ತ ಕ್ರಮ ಕೈಗೊಳ್ಳಲು ಮೇಲಾಧಿಕಾರಿಗಳಿಗೆ ವರದಿ ಸಲ್ಲಿಸಲಾಗಿದೆ. ಆದರೂ ಯಾವುದೇ ಕ್ರಮವಾಗಿಲ್ಲ ಏಕೆ ?
- ಸಾಯಿ ಸಿಂದೆ, ಅಧ್ಯಕ್ಷ, ಕರ್ನಾಟಕ ಭೀಮಸೇನೆ

ಜಿಲ್ಲೆಯಲ್ಲಿ ಅಲ್ಪಸಂಖ್ಯಾತರ ಕಲ್ಯಾಣ ಇಲಾಖೆ ಕಾಮಗಾರಿಗಳು ನಡೆಯುತ್ತಿರುವ ಬಗ್ಗೆ ಒಂದರಮೇಲೊಂದು ದೂರುಗಳು ಕೇಳಿಬರುತ್ತಿದ್ದರೂ ವಿವಿಧ ಗುತ್ತಿಗೆದಾರರು ನಿರ್ಲಕ್ಷ್ಯವಹಿಸುತ್ತಿರುವುದು ಕಂಡುಬಂದಿದೆ. ಹುಮನಾಬಾದ್ ತಾಲೂಕಿನ ಬಲ್ಲೂರ್ ಜೆ ಗ್ರಾಮದಲ್ಲಿ 18.40 ಕೋಟಿ ರೂ. ವೆಚ್ಚದಲ್ಲಿ ನಿರ್ಮಾಣವಾಗುತ್ತಿರುವ ಇಂದಿರಾ ಗಾಂಧಿ ವಸತಿ ನಿಲಯದ ಕಟ್ಟಡ ಕಾಮಗಾರಿ ಕಳಪೆ ಗುಣಮಟ್ಟದಿಂದ ಕೂಡಿದೆ ಎಂದು ಆರೋಪಿಸಲಾಗಿದೆ. ಕಟ್ಟಡದ ಗೋಡೆಗಳಲ್ಲಿ ಬಿರುಕು ಕಾಣಿಸಿಕೊಂಡಿದ್ದು, ಕಳಪೆ ಮರಳು ಮತ್ತು ಸಿಮೆಂಟ್ ಬಳಸಲಾಗುತ್ತಿದೆ. ಈ ಕುರಿತು ಅಧಿಕಾರಿಗಳ ಗಮನಕ್ಕೆ ತಂದರೂ ಯಾವುದೇ ಕ್ರಮ ಕೈಗೊಂಡಿಲ್ಲ ಎಂದು ಗ್ರಾಮಸ್ಥರು ದೂರಿದ್ದಾರೆ. ಅವರಂತೆ ಗುತ್ತಿಗೆದಾರ, ಇಂಜಿನಿಯರ್‌ಗಳ ವಿರುದ್ಧ ಕಠಿಣ ಕ್ರಮ ಕೈಗೊಳ್ಳಬೇಕು, ಕಾಮಗಾರಿಯ ಗುಣಮಟ್ಟದ ತನಿಖೆ ನಡೆಸಬೇಕು ಎಂದು ಒತ್ತಾಯಿಸಲಾಗಿದೆ. ಜಿಲ್ಲಾ ಪಂಚಾಯತ್ ಸಿಇಒ ಅವರು ಸ್ಥಳಕ್ಕೆ ಭೇಟಿ ನೀಡಿ ಪರಿಶೀಲಿಸಬೇಕು ಎಂದು ಒತ್ತಾಯಿಸಲಾಗಿದೆ.

ಕಾಮಗಾರಿ ದೃಢಪಟ್ಟಿದೆ. ಆದರೆ, ಈವರೆಗೆ ಸಂಬಂಧಿಸಿದ ಅಧಿಕಾರಿಗಳು ಮೇಲಾಗಿ ಅಥವಾ ಗುತ್ತಿಗೆದಾರರ ಮೇಲಾಗಲಿ ಯಾವುದೇ ಕ್ರಮವಹಿಸಿಲ್ಲ. ಕೂಡಲೇ ಗುತ್ತಿಗೆದಾರರನ್ನು ಕಪ್ಪುಪಟ್ಟಿಗೆ ಸೇರಿಸಬೇಕು. ಜಿಲ್ಲಾಡಳಿತ ಈ ಬಗ್ಗೆ ಕೂಡಲೇ ತನಿಖೆ ನಡೆಸಬೇಕು. ಈ ಸಂದರ್ಭದಲ್ಲಿ ಪ್ರಮುಖರಾದ ಮಹೇಂದ್ರಕುಮಾರ್ ಹೊಸಮನಿ, ಅಶೋಕ ತ್ರಿಮೂರ್ತಿ, ಶಿವರಾಜ್, ಮಲ್ಲಿಕಾರ್ಜುನ ಮೇಳಕುಂದಿ, ಗೌತಮ ಮುಂತಾದವರು ಇದ್ದರು.

ಪದವಿ ಜೊತೆಗೆ ಕೌಶಲ್ಯ ಬೆಳೆಸಿಕೊಳ್ಳಿ: ನರಸಪ್ಪ ಯಾದವ್
■ ಸುದ್ದಿಮೂಲ ವಾರ್ತೆ ಚಿಕ್ಕಬಳ್ಳಾಪುರ, ಮೇ.21:

ಶ್ರೀ ವಿನಾಯಕ ವಿದ್ಯಾಸಂಸ್ಥೆಯ ಮಹಿಳಾ ಪದವಿ ಮಹಾವಿದ್ಯಾಲಯದಲ್ಲಿ ಬುಧವಾರ ನಡೆದ ವಾರ್ಷಿಕೋತ್ಸವ ಮತ್ತು ಬೀಳ್ಕೊಡುಗೆ ಸಮಾರಂಭದಲ್ಲಿ ಅವರು ಮಾತನಾಡಿದರು. ಪದವಿ ಶಿಕ್ಷಣದ ಜೊತೆಗೆ ಕೌಶಲ್ಯವನ್ನು ಬೆಳೆಸಿಕೊಂಡರೆ ಉದ್ಯೋಗಾವಕಾಶಗಳು ಸುಲಭವಾಗಿ ದೊರೆಯುತ್ತವೆ. ಸ್ಪರ್ಧಾತ್ಮಕ ಜಗತ್ತಿನಲ್ಲಿ ವಿದ್ಯಾರ್ಥಿಗಳು ಸಂವಹನ ಕೌಶಲ್ಯ ಮತ್ತು ತಂತ್ರಜ್ಞಾನದ ಜ್ಞಾನವನ್ನು ಹೊಂದಬೇಕು ಎಂದು ಸಲಹೆ ನೀಡಿದರು. ಪದವಿ ಮಹಾವಿದ್ಯಾಲಯದ ಪ್ರಾಂಶುಪಾಲ ಡಾ. ಮುನಿರಾಜು ಮಾತನಾಡಿ, ಕಾಲೇಜಿನಲ್ಲಿ ಉತ್ತಮ ಶೈಕ್ಷಣಿಕ ವಾತಾವರಣ ಇದ್ದು ವಿದ್ಯಾರ್ಥಿಗಳು ಇದರ ಸದುಪಯೋಗ ಪಡೆದುಕೊಳ್ಳಬೇಕು ಎಂದರು. ಈ ಸಂದರ್ಭದಲ್ಲಿ ಸಂಸ್ಥೆಯ ಕಾರ್ಯದರ್ಶಿ ಹಾಗೂ ಪದಾಧಿಕಾರಿಗಳು, ಉಪನ್ಯಾಸಕರು, ವಿದ್ಯಾರ್ಥಿನಿಯರು ಉಪಸ್ಥಿತರಿದ್ದರು. ವಿದ್ಯಾರ್ಥಿನಿಯರು ಸಾಂಸ್ಕೃತಿಕ ಕಾರ್ಯಕ್ರಮಗಳನ್ನು ನಡೆಸಿಕೊಟ್ಟರು.
